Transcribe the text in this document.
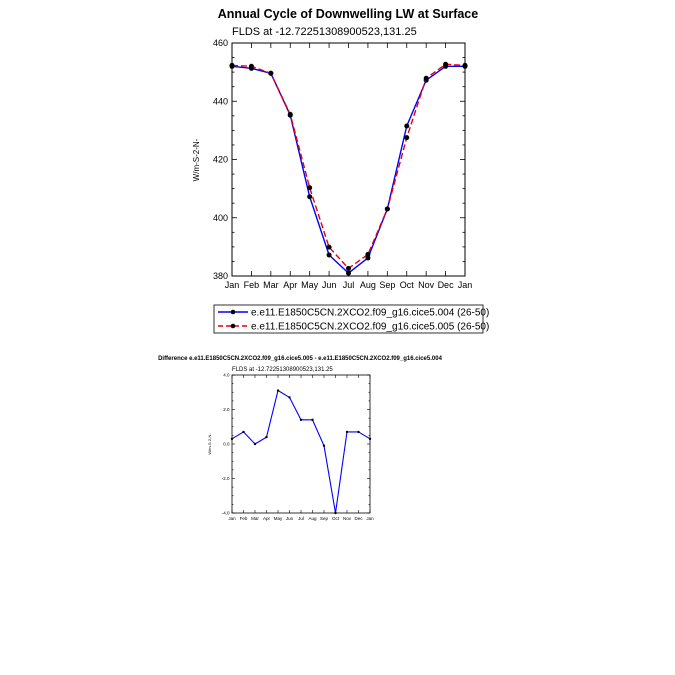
Annual Cycle of Downwelling LW at Surface
FLDS at -12.72251308900523,131.25
W/m-S-2-N-
Jan Feb Mar Apr May Jun Jul Aug Sep Oct Nov Dec Jan
380
400
420
440
460
e.e11.E1850C5CN.2XCO2.f09_g16.cice5.004 (26-50)
e.e11.E1850C5CN.2XCO2.f09_g16.cice5.005 (26-50)
Difference e.e11.E1850C5CN.2XCO2.f09_g16.cice5.005 - e.e11.E1850C5CN.2XCO2.f09_g16.cice5.004
FLDS at -12.72251308900523,131.25
W/m-S-2-N-
Jan Feb Mar Apr May Jun Jul Aug Sep Oct Nov Dec Jan
-4.0
-2.0
0.0
2.0
4.0
